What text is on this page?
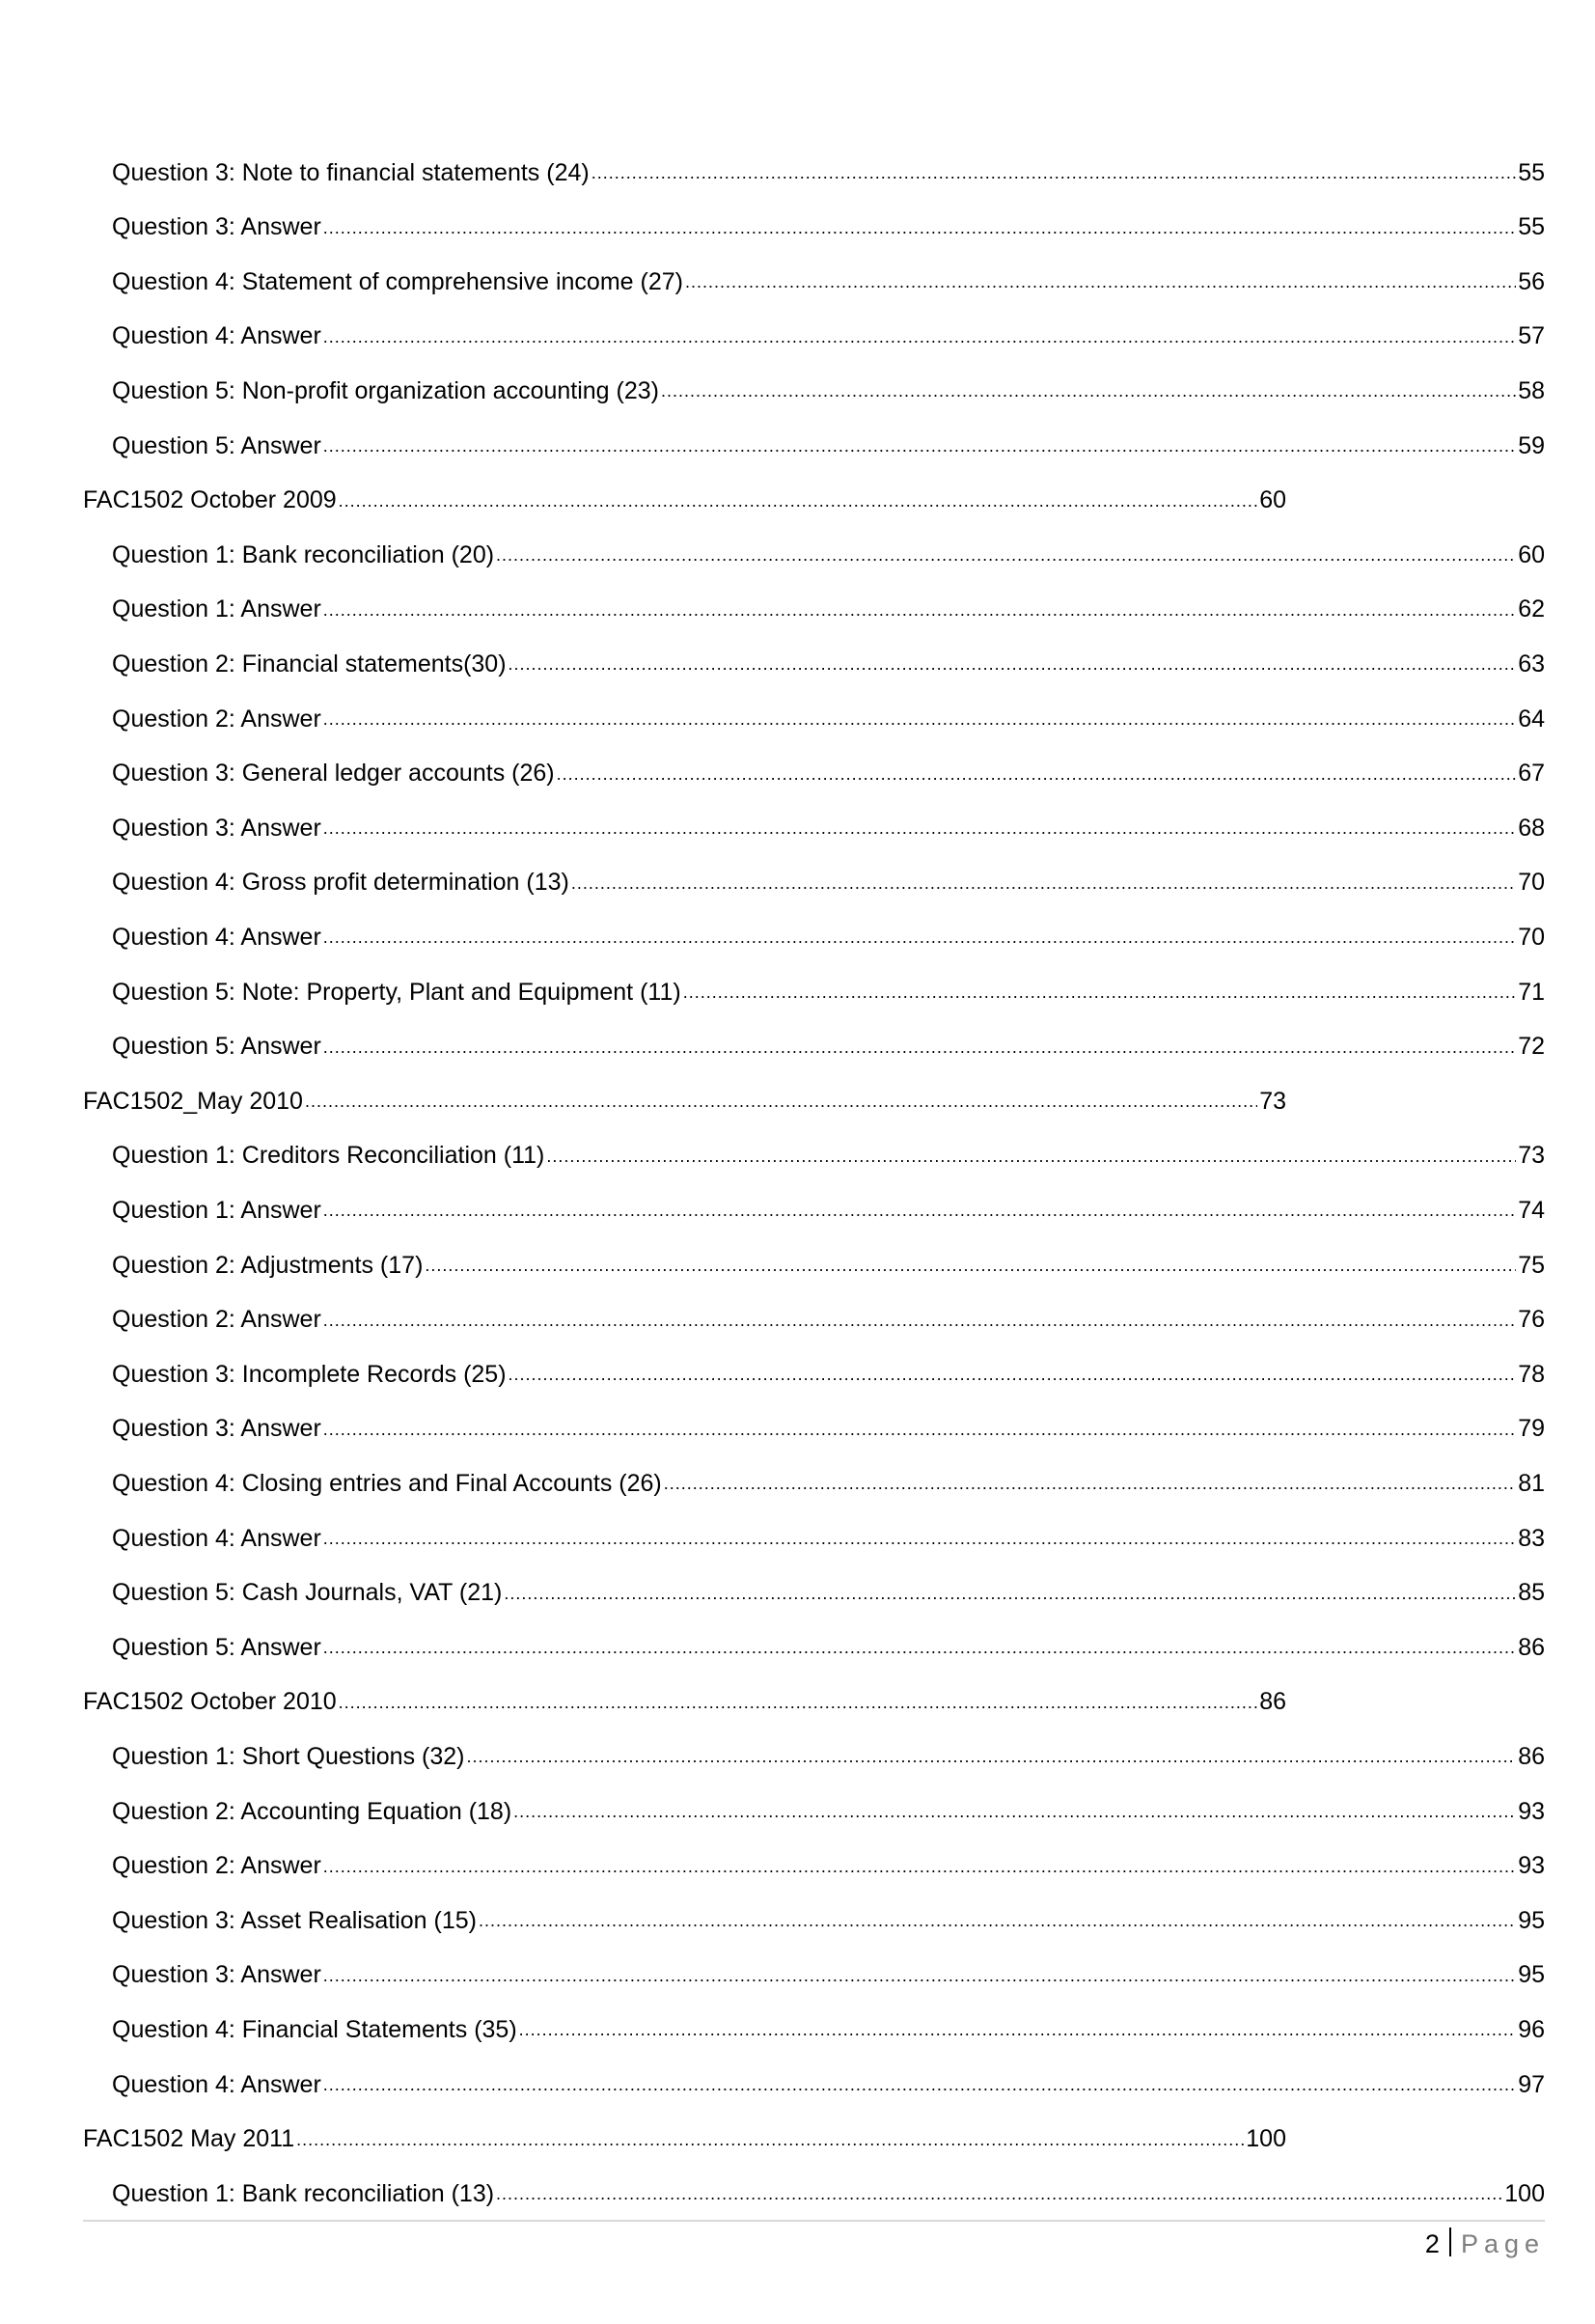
Question 3: Note to financial statements (24) .....	55
Question 3: Answer .....	55
Question 4: Statement of comprehensive income (27) .....	56
Question 4: Answer .....	57
Question 5: Non-profit organization accounting (23) .....	58
Question 5: Answer .....	59
FAC1502 October 2009 .....	60
Question 1: Bank reconciliation (20) .....	60
Question 1: Answer .....	62
Question 2: Financial statements(30) .....	63
Question 2: Answer .....	64
Question 3: General ledger accounts (26) .....	67
Question 3: Answer .....	68
Question 4: Gross profit determination (13) .....	70
Question 4: Answer .....	70
Question 5: Note: Property, Plant and Equipment (11) .....	71
Question 5: Answer .....	72
FAC1502_May 2010 .....	73
Question 1: Creditors Reconciliation (11) .....	73
Question 1: Answer .....	74
Question 2: Adjustments (17) .....	75
Question 2: Answer .....	76
Question 3: Incomplete Records (25) .....	78
Question 3: Answer .....	79
Question 4: Closing entries and Final Accounts (26) .....	81
Question 4: Answer .....	83
Question 5: Cash Journals, VAT (21) .....	85
Question 5: Answer .....	86
FAC1502 October 2010 .....	86
Question 1: Short Questions (32) .....	86
Question 2: Accounting Equation (18) .....	93
Question 2: Answer .....	93
Question 3: Asset Realisation (15) .....	95
Question 3: Answer .....	95
Question 4: Financial Statements (35) .....	96
Question 4: Answer .....	97
FAC1502 May 2011 .....	100
Question 1: Bank reconciliation (13) .....	100
2 Page
